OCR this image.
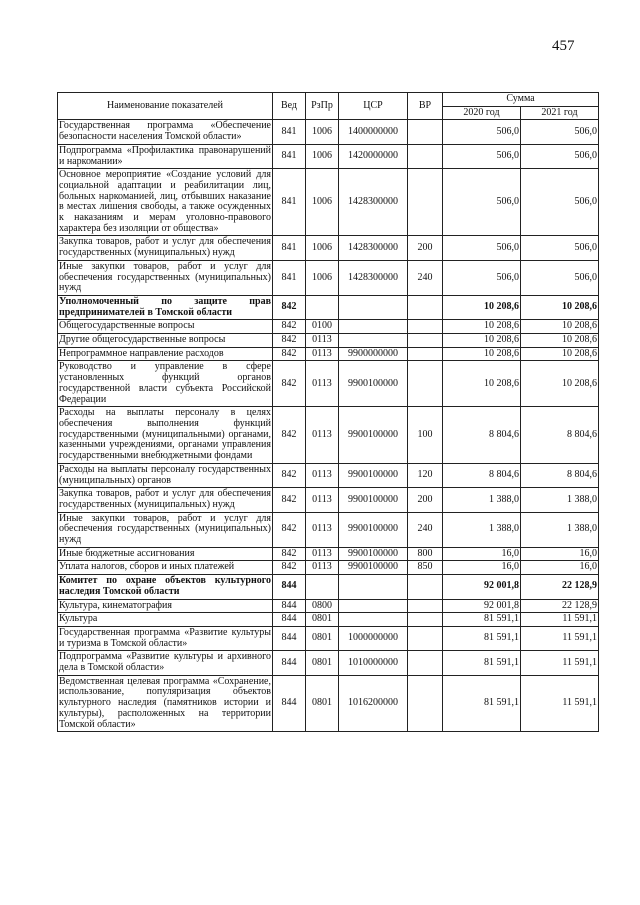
457
Наименование показателей	Вед	РзПр	ЦСР	ВР	Сумма	
					2020 год	2021 год
Государственная программа «Обеспечение безопасности населения Томской области»	841	1006	1400000000		506,0	506,0
Подпрограмма «Профилактика правонарушений и наркомании»	841	1006	1420000000		506,0	506,0
Основное мероприятие «Создание условий для социальной адаптации и реабилитации лиц, больных наркоманией, лиц, отбывших наказание в местах лишения свободы, а также осужденных к наказаниям и мерам уголовно-правового характера без изоляции от общества»	841	1006	1428300000		506,0	506,0
Закупка товаров, работ и услуг для обеспечения государственных (муниципальных) нужд	841	1006	1428300000	200	506,0	506,0
Иные закупки товаров, работ и услуг для обеспечения государственных (муниципальных) нужд	841	1006	1428300000	240	506,0	506,0
Уполномоченный по защите прав предпринимателей в Томской области	842				10 208,6	10 208,6
Общегосударственные вопросы	842	0100			10 208,6	10 208,6
Другие общегосударственные вопросы	842	0113			10 208,6	10 208,6
Непрограммное направление расходов	842	0113	9900000000		10 208,6	10 208,6
Руководство и управление в сфере установленных функций органов государственной власти субъекта Российской Федерации	842	0113	9900100000		10 208,6	10 208,6
Расходы на выплаты персоналу в целях обеспечения выполнения функций государственными (муниципальными) органами, казенными учреждениями, органами управления государственными внебюджетными фондами	842	0113	9900100000	100	8 804,6	8 804,6
Расходы на выплаты персоналу государственных (муниципальных) органов	842	0113	9900100000	120	8 804,6	8 804,6
Закупка товаров, работ и услуг для обеспечения государственных (муниципальных) нужд	842	0113	9900100000	200	1 388,0	1 388,0
Иные закупки товаров, работ и услуг для обеспечения государственных (муниципальных) нужд	842	0113	9900100000	240	1 388,0	1 388,0
Иные бюджетные ассигнования	842	0113	9900100000	800	16,0	16,0
Уплата налогов, сборов и иных платежей	842	0113	9900100000	850	16,0	16,0
Комитет по охране объектов культурного наследия Томской области	844				92 001,8	22 128,9
Культура, кинематография	844	0800			92 001,8	22 128,9
Культура	844	0801			81 591,1	11 591,1
Государственная программа «Развитие культуры и туризма в Томской области»	844	0801	1000000000		81 591,1	11 591,1
Подпрограмма «Развитие культуры и архивного дела в Томской области»	844	0801	1010000000		81 591,1	11 591,1
Ведомственная целевая программа «Сохранение, использование, популяризация объектов культурного наследия (памятников истории и культуры), расположенных на территории Томской области»	844	0801	1016200000		81 591,1	11 591,1
